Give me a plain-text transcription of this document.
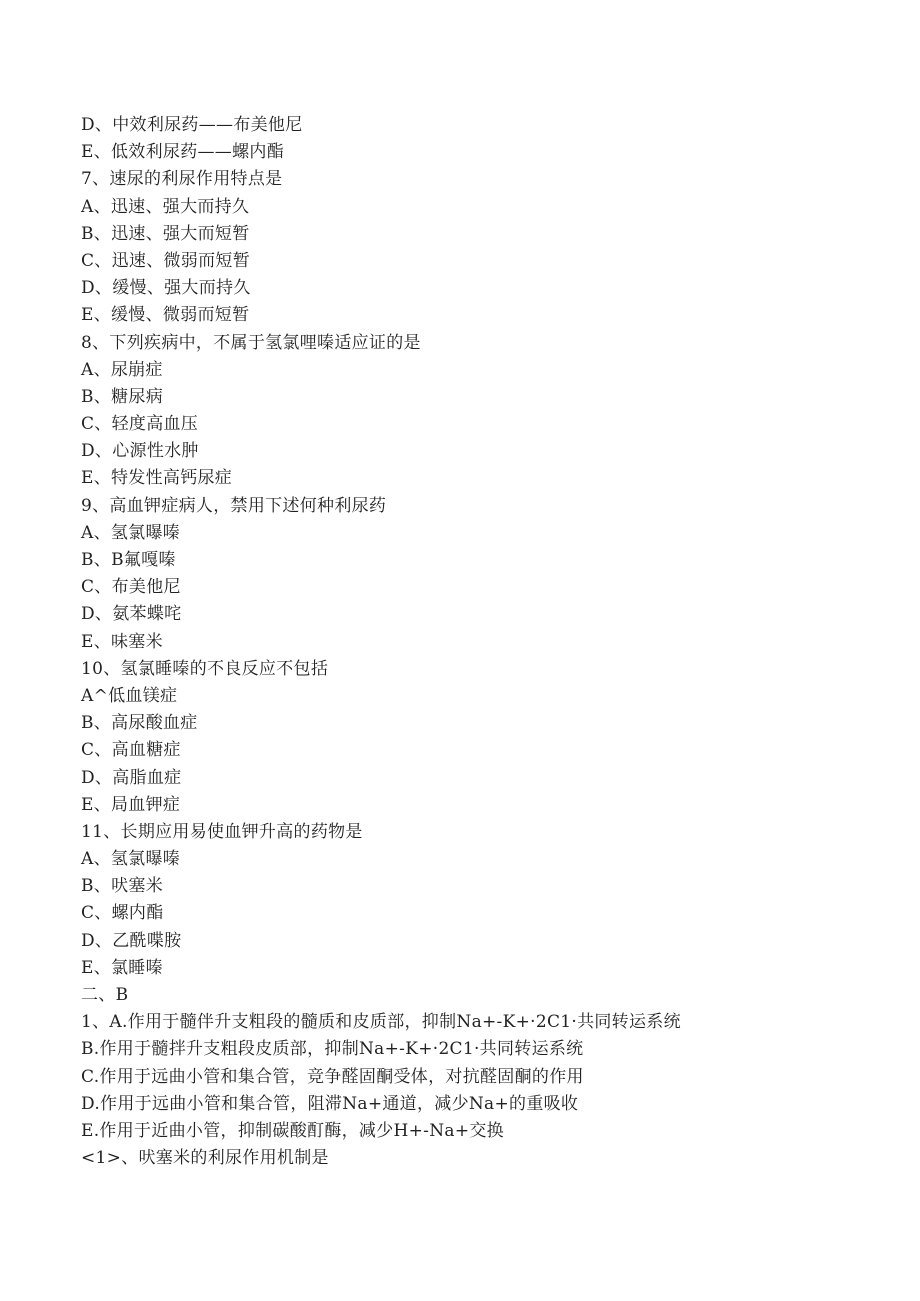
D、中效利尿药——布美他尼
E、低效利尿药——螺内酯
7、速尿的利尿作用特点是
A、迅速、强大而持久
B、迅速、强大而短暂
C、迅速、微弱而短暂
D、缓慢、强大而持久
E、缓慢、微弱而短暂
8、下列疾病中，不属于氢氯哩嗪适应证的是
A、尿崩症
B、糖尿病
C、轻度高血压
D、心源性水肿
E、特发性高钙尿症
9、高血钾症病人，禁用下述何种利尿药
A、氢氯曝嗪
B、B氟嘎嗪
C、布美他尼
D、氨苯蝶咤
E、味塞米
10、氢氯睡嗪的不良反应不包括
A^低血镁症
B、高尿酸血症
C、高血糖症
D、高脂血症
E、局血钾症
11、长期应用易使血钾升高的药物是
A、氢氯曝嗪
B、吠塞米
C、螺内酯
D、乙酰喋胺
E、氯睡嗪
二、B
1、A.作用于髓伴升支粗段的髓质和皮质部，抑制Na+-K+·2C1·共同转运系统
B.作用于髓拌升支粗段皮质部，抑制Na+-K+·2C1·共同转运系统
C.作用于远曲小管和集合管，竞争醛固酮受体，对抗醛固酮的作用
D.作用于远曲小管和集合管，阻滞Na+通道，减少Na+的重吸收
E.作用于近曲小管，抑制碳酸酊酶，减少H+-Na+交换
<1>、吠塞米的利尿作用机制是
